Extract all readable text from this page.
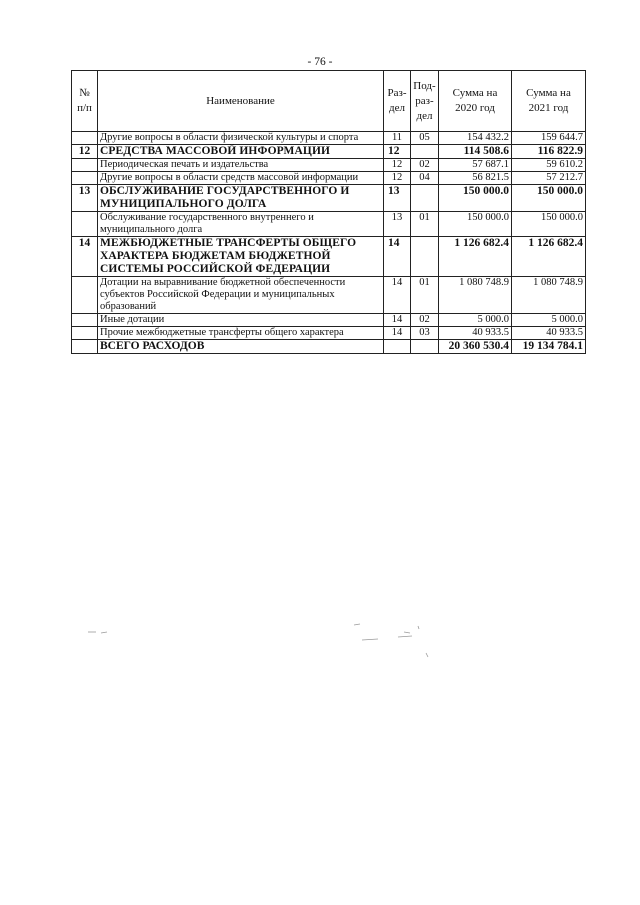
- 76 -
№ п/п	Наименование	Раз-дел	Под-раз-дел	Сумма на 2020 год	Сумма на 2021 год
	Другие вопросы в области физической культуры и спорта	11	05	154 432.2	159 644.7
12	СРЕДСТВА МАССОВОЙ ИНФОРМАЦИИ	12		114 508.6	116 822.9
	Периодическая печать и издательства	12	02	57 687.1	59 610.2
	Другие вопросы в области средств массовой информации	12	04	56 821.5	57 212.7
13	ОБСЛУЖИВАНИЕ ГОСУДАРСТВЕННОГО И МУНИЦИПАЛЬНОГО ДОЛГА	13		150 000.0	150 000.0
	Обслуживание государственного внутреннего и муниципального долга	13	01	150 000.0	150 000.0
14	МЕЖБЮДЖЕТНЫЕ ТРАНСФЕРТЫ ОБЩЕГО ХАРАКТЕРА БЮДЖЕТАМ БЮДЖЕТНОЙ СИСТЕМЫ РОССИЙСКОЙ ФЕДЕРАЦИИ	14		1 126 682.4	1 126 682.4
	Дотации на выравнивание бюджетной обеспеченности субъектов Российской Федерации и муниципальных образований	14	01	1 080 748.9	1 080 748.9
	Иные дотации	14	02	5 000.0	5 000.0
	Прочие межбюджетные трансферты общего характера	14	03	40 933.5	40 933.5
	ВСЕГО РАСХОДОВ			20 360 530.4	19 134 784.1
